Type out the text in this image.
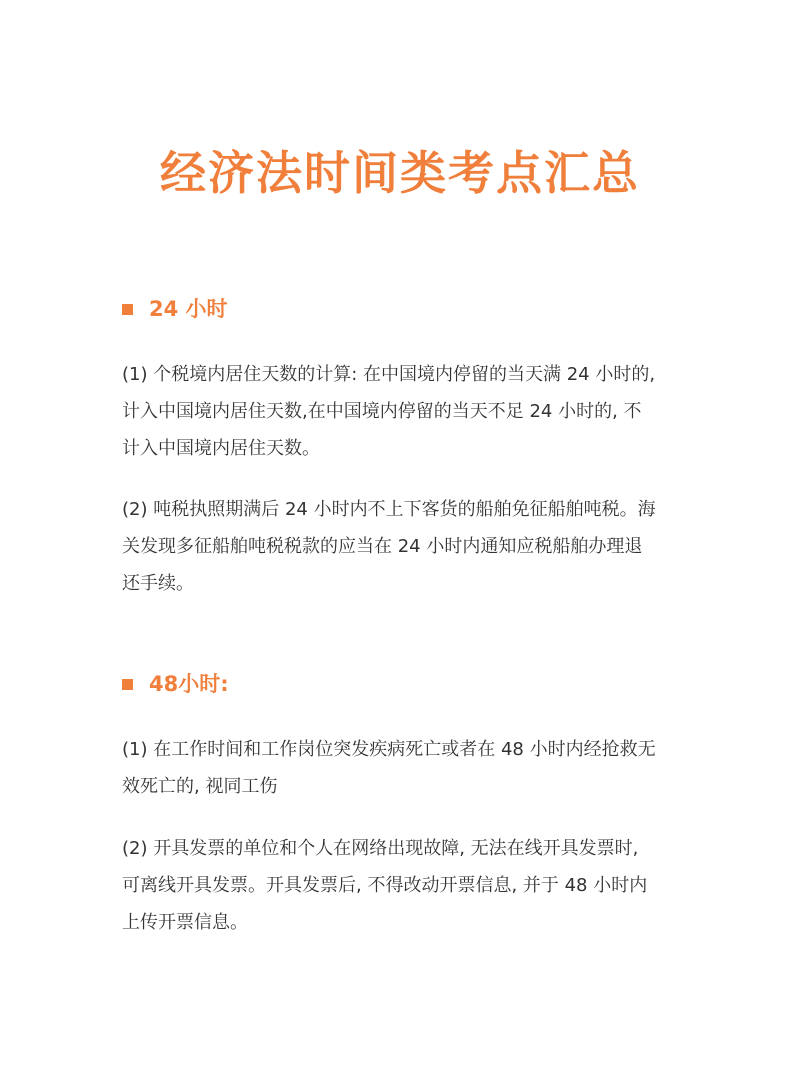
经济法时间类考点汇总
24 小时
(1) 个税境内居住天数的计算: 在中国境内停留的当天满 24 小时的,
计入中国境内居住天数,在中国境内停留的当天不足 24 小时的, 不
计入中国境内居住天数。
(2) 吨税执照期满后 24 小时内不上下客货的船舶免征船舶吨税。海
关发现多征船舶吨税税款的应当在 24 小时内通知应税船舶办理退
还手续。
48小时:
(1) 在工作时间和工作岗位突发疾病死亡或者在 48 小时内经抢救无
效死亡的, 视同工伤
(2) 开具发票的单位和个人在网络出现故障, 无法在线开具发票时,
可离线开具发票。开具发票后, 不得改动开票信息, 并于 48 小时内
上传开票信息。
